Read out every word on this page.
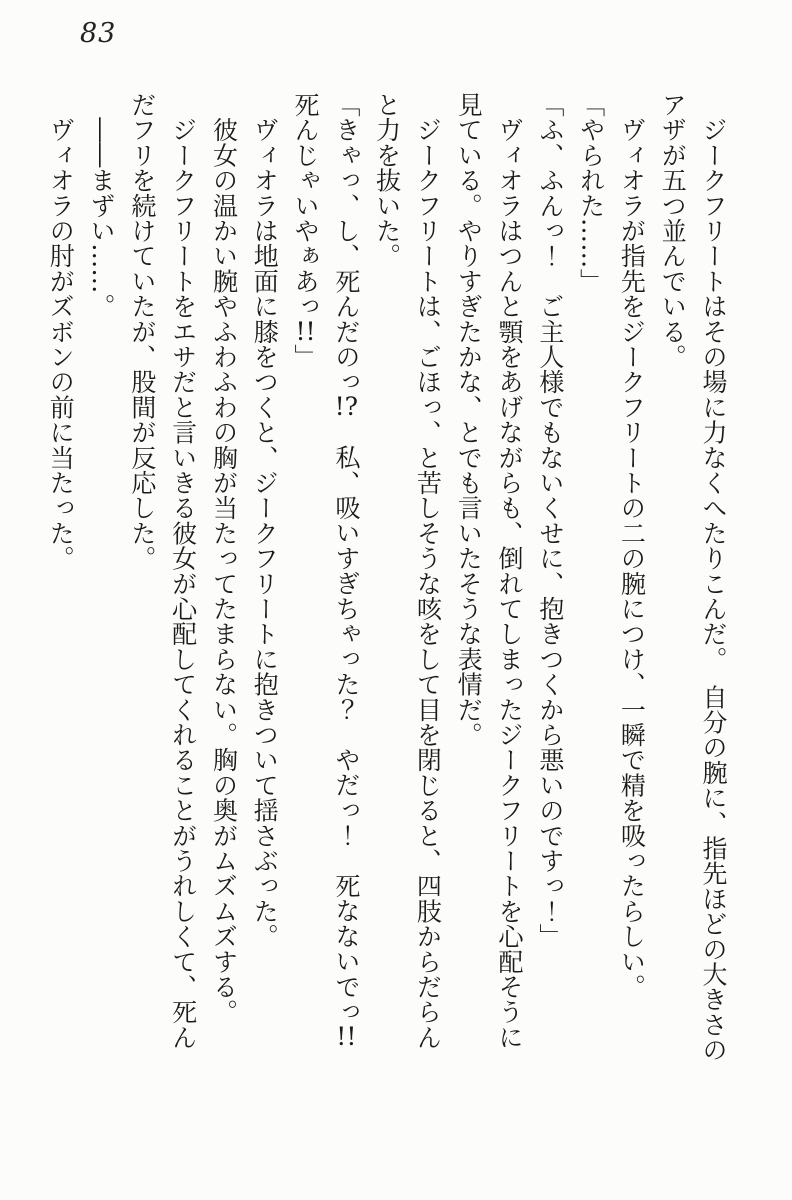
83
　ジークフリートはその場に力なくへたりこんだ。　自分の腕に、指先ほどの大きさの
アザが五つ並んでいる。
　ヴィオラが指先をジークフリートの二の腕につけ、一瞬で精を吸ったらしい。
「やられた……」
「ふ、ふんっ！　ご主人様でもないくせに、抱きつくから悪いのですっ！」
　ヴィオラはつんと顎をあげながらも、倒れてしまったジークフリートを心配そうに
見ている。やりすぎたかな、とでも言いたそうな表情だ。
　ジークフリートは、ごほっ、と苦しそうな咳をして目を閉じると、四肢からだらん
と力を抜いた。
「きゃっ、し、死んだのっ!?　私、吸いすぎちゃった？　やだっ！　死なないでっ!!
死んじゃいやぁあっ!!」
　ヴィオラは地面に膝をつくと、ジークフリートに抱きついて揺さぶった。
　彼女の温かい腕やふわふわの胸が当たってたまらない。胸の奥がムズムズする。
　ジークフリートをエサだと言いきる彼女が心配してくれることがうれしくて、死ん
だフリを続けていたが、股間が反応した。
　――まずい……。
　ヴィオラの肘がズボンの前に当たった。
